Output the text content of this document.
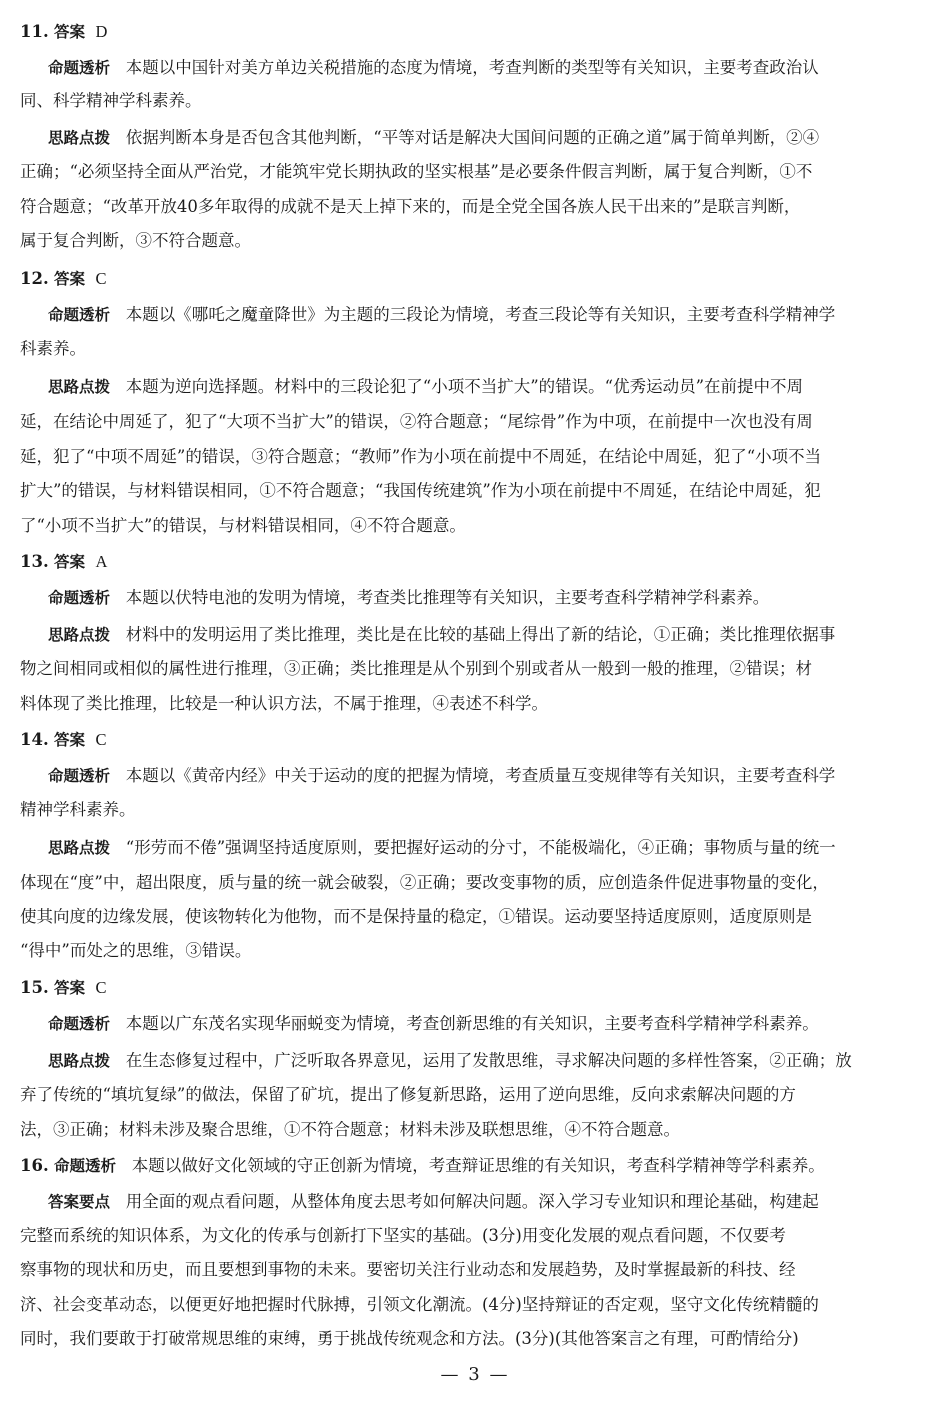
11. 答案 D
命题透析 本题以中国针对美方单边关税措施的态度为情境，考查判断的类型等有关知识，主要考查政治认
同、科学精神学科素养。
思路点拨 依据判断本身是否包含其他判断，“平等对话是解决大国间问题的正确之道”属于简单判断，②④
正确；“必须坚持全面从严治党，才能筑牢党长期执政的坚实根基”是必要条件假言判断，属于复合判断，①不
符合题意；“改革开放40多年取得的成就不是天上掉下来的，而是全党全国各族人民干出来的”是联言判断，
属于复合判断，③不符合题意。
12. 答案 C
命题透析 本题以《哪吒之魔童降世》为主题的三段论为情境，考查三段论等有关知识，主要考查科学精神学
科素养。
思路点拨 本题为逆向选择题。材料中的三段论犯了“小项不当扩大”的错误。“优秀运动员”在前提中不周
延，在结论中周延了，犯了“大项不当扩大”的错误，②符合题意；“尾综骨”作为中项，在前提中一次也没有周
延，犯了“中项不周延”的错误，③符合题意；“教师”作为小项在前提中不周延，在结论中周延，犯了“小项不当
扩大”的错误，与材料错误相同，①不符合题意；“我国传统建筑”作为小项在前提中不周延，在结论中周延，犯
了“小项不当扩大”的错误，与材料错误相同，④不符合题意。
13. 答案 A
命题透析 本题以伏特电池的发明为情境，考查类比推理等有关知识，主要考查科学精神学科素养。
思路点拨 材料中的发明运用了类比推理，类比是在比较的基础上得出了新的结论，①正确；类比推理依据事
物之间相同或相似的属性进行推理，③正确；类比推理是从个别到个别或者从一般到一般的推理，②错误；材
料体现了类比推理，比较是一种认识方法，不属于推理，④表述不科学。
14. 答案 C
命题透析 本题以《黄帝内经》中关于运动的度的把握为情境，考查质量互变规律等有关知识，主要考查科学
精神学科素养。
思路点拨 “形劳而不倦”强调坚持适度原则，要把握好运动的分寸，不能极端化，④正确；事物质与量的统一
体现在“度”中，超出限度，质与量的统一就会破裂，②正确；要改变事物的质，应创造条件促进事物量的变化，
使其向度的边缘发展，使该物转化为他物，而不是保持量的稳定，①错误。运动要坚持适度原则，适度原则是
“得中”而处之的思维，③错误。
15. 答案 C
命题透析 本题以广东茂名实现华丽蜕变为情境，考查创新思维的有关知识，主要考查科学精神学科素养。
思路点拨 在生态修复过程中，广泛听取各界意见，运用了发散思维，寻求解决问题的多样性答案，②正确；放
弃了传统的“填坑复绿”的做法，保留了矿坑，提出了修复新思路，运用了逆向思维，反向求索解决问题的方
法，③正确；材料未涉及聚合思维，①不符合题意；材料未涉及联想思维，④不符合题意。
16. 命题透析 本题以做好文化领域的守正创新为情境，考查辩证思维的有关知识，考查科学精神等学科素养。
答案要点 用全面的观点看问题，从整体角度去思考如何解决问题。深入学习专业知识和理论基础，构建起
完整而系统的知识体系，为文化的传承与创新打下坚实的基础。(3分)用变化发展的观点看问题，不仅要考
察事物的现状和历史，而且要想到事物的未来。要密切关注行业动态和发展趋势，及时掌握最新的科技、经
济、社会变革动态，以便更好地把握时代脉搏，引领文化潮流。(4分)坚持辩证的否定观，坚守文化传统精髓的
同时，我们要敢于打破常规思维的束缚，勇于挑战传统观念和方法。(3分)(其他答案言之有理，可酌情给分)
— 3 —
